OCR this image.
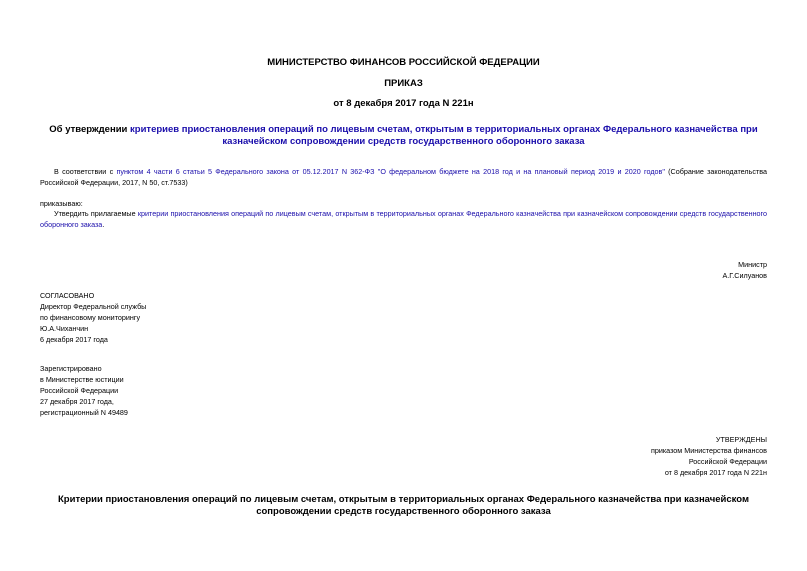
МИНИСТЕРСТВО ФИНАНСОВ РОССИЙСКОЙ ФЕДЕРАЦИИ
ПРИКАЗ
от 8 декабря 2017 года N 221н
Об утверждении критериев приостановления операций по лицевым счетам, открытым в территориальных органах Федерального казначейства при казначейском сопровождении средств государственного оборонного заказа
В соответствии с пунктом 4 части 6 статьи 5 Федерального закона от 05.12.2017 N 362-ФЗ "О федеральном бюджете на 2018 год и на плановый период 2019 и 2020 годов" (Собрание законодательства Российской Федерации, 2017, N 50, ст.7533)
приказываю:
Утвердить прилагаемые критерии приостановления операций по лицевым счетам, открытым в территориальных органах Федерального казначейства при казначейском сопровождении средств государственного оборонного заказа.
Министр
А.Г.Силуанов
СОГЛАСОВАНО
Директор Федеральной службы
по финансовому мониторингу
Ю.А.Чиханчин
6 декабря 2017 года
Зарегистрировано
в Министерстве юстиции
Российской Федерации
27 декабря 2017 года,
регистрационный N 49489
УТВЕРЖДЕНЫ
приказом Министерства финансов
Российской Федерации
от 8 декабря 2017 года N 221н
Критерии приостановления операций по лицевым счетам, открытым в территориальных органах Федерального казначейства при казначейском сопровождении средств государственного оборонного заказа
